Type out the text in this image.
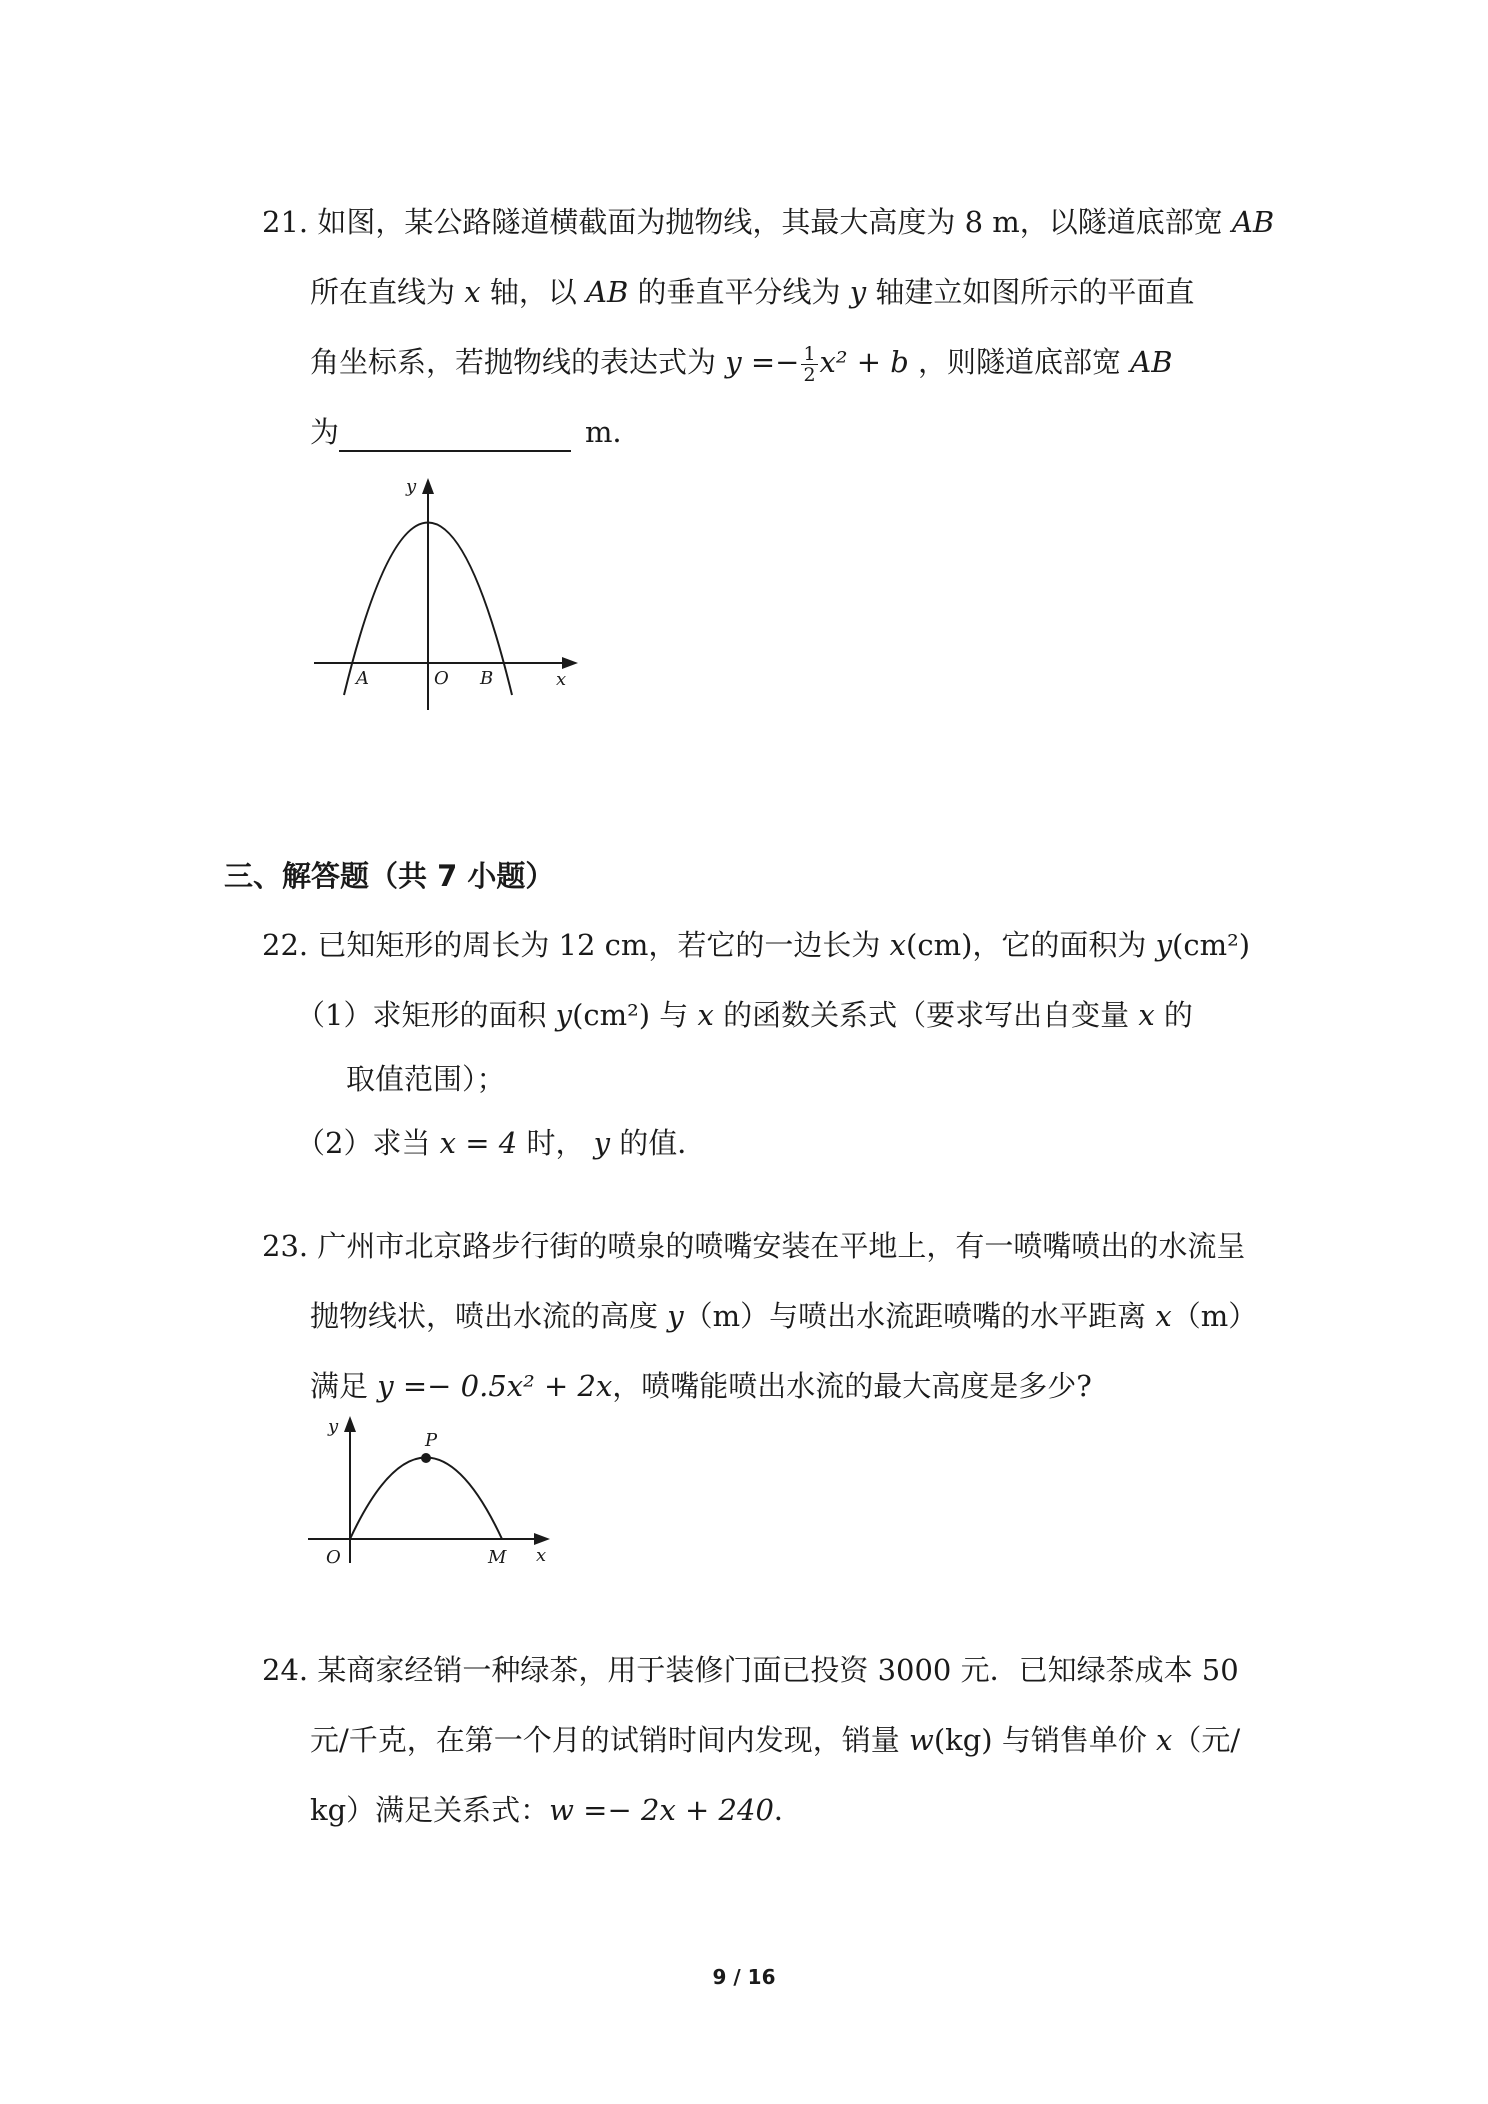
21. 如图，某公路隧道横截面为抛物线，其最大高度为 8 m，以隧道底部宽 AB
所在直线为 x 轴，以 AB 的垂直平分线为 y 轴建立如图所示的平面直
角坐标系，若抛物线的表达式为 $y =- \frac{1}{2} x^2 + b$ ，则隧道底部宽 AB
为	m．
y
x
A	O B
三、解答题（共 7 小题）
22. 已知矩形的周长为 12 cm，若它的一边长为 x(cm)，它的面积为 y(cm²)
（1）求矩形的面积 y(cm²) 与 x 的函数关系式（要求写出自变量 x 的
取值范围）；
（2）求当 x = 4 时， y 的值．
23. 广州市北京路步行街的喷泉的喷嘴安装在平地上，有一喷嘴喷出的水流呈
抛物线状，喷出水流的高度 y（m）与喷出水流距喷嘴的水平距离 x（m）
满足 y =− 0.5x² + 2x，喷嘴能喷出水流的最大高度是多少?
y
x
O
P
M
24. 某商家经销一种绿茶，用于装修门面已投资 3000 元．已知绿茶成本 50
元/千克，在第一个月的试销时间内发现，销量 w(kg) 与销售单价 x（元/
kg）满足关系式：w =− 2x + 240．
9 / 16
